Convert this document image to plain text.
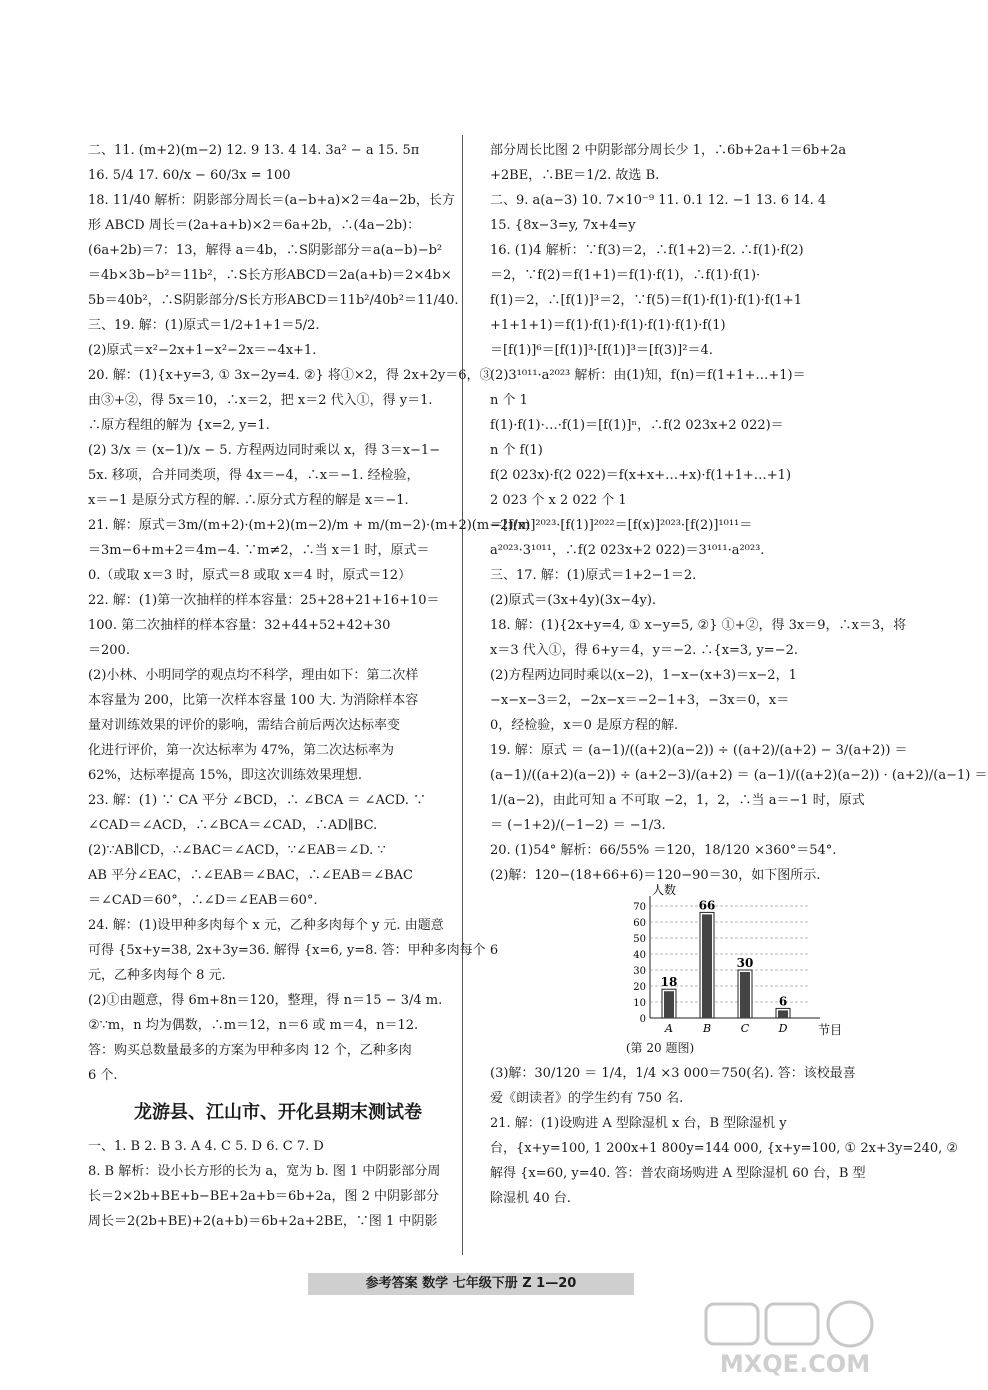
二、11. (m+2)(m−2) 12. 9 13. 4 14. 3a² − a 15. 5π
16. 5/4 17. 60/x − 60/3x = 100
18. 11/40 解析：阴影部分周长＝(a−b+a)×2＝4a−2b，长方
形 ABCD 周长＝(2a+a+b)×2＝6a+2b，∴(4a−2b)：
(6a+2b)＝7：13，解得 a＝4b，∴S阴影部分＝a(a−b)−b²
＝4b×3b−b²＝11b²，∴S长方形ABCD＝2a(a+b)＝2×4b×
5b＝40b²，∴S阴影部分/S长方形ABCD＝11b²/40b²＝11/40.
三、19. 解：(1)原式＝1/2+1+1＝5/2.
(2)原式＝x²−2x+1−x²−2x＝−4x+1.
20. 解：(1){x+y=3, ① 3x−2y=4. ②} 将①×2，得 2x+2y＝6，③
由③+②，得 5x＝10，∴x＝2，把 x＝2 代入①，得 y＝1.
∴原方程组的解为 {x=2, y=1.
(2) 3/x ＝ (x−1)/x − 5. 方程两边同时乘以 x，得 3＝x−1−
5x. 移项，合并同类项，得 4x＝−4，∴x＝−1. 经检验，
x＝−1 是原分式方程的解. ∴原分式方程的解是 x＝−1.
21. 解：原式＝3m/(m+2)·(m+2)(m−2)/m + m/(m−2)·(m+2)(m−2)/m
＝3m−6+m+2＝4m−4. ∵m≠2，∴当 x＝1 时，原式＝
0.（或取 x＝3 时，原式＝8 或取 x＝4 时，原式＝12）
22. 解：(1)第一次抽样的样本容量：25+28+21+16+10＝
100. 第二次抽样的样本容量：32+44+52+42+30
＝200.
(2)小林、小明同学的观点均不科学，理由如下：第二次样
本容量为 200，比第一次样本容量 100 大. 为消除样本容
量对训练效果的评价的影响，需结合前后两次达标率变
化进行评价，第一次达标率为 47%，第二次达标率为
62%，达标率提高 15%，即这次训练效果理想.
23. 解：(1) ∵ CA 平分 ∠BCD，∴ ∠BCA ＝ ∠ACD. ∵
∠CAD＝∠ACD，∴∠BCA＝∠CAD，∴AD∥BC.
(2)∵AB∥CD，∴∠BAC＝∠ACD，∵∠EAB＝∠D. ∵
AB 平分∠EAC，∴∠EAB＝∠BAC，∴∠EAB＝∠BAC
＝∠CAD＝60°，∴∠D＝∠EAB＝60°.
24. 解：(1)设甲种多肉每个 x 元，乙种多肉每个 y 元. 由题意
可得 {5x+y=38, 2x+3y=36. 解得 {x=6, y=8. 答：甲种多肉每个 6
元，乙种多肉每个 8 元.
(2)①由题意，得 6m+8n＝120，整理，得 n＝15 − 3/4 m.
②∵m，n 均为偶数，∴m＝12，n＝6 或 m＝4，n＝12.
答：购买总数量最多的方案为甲种多肉 12 个，乙种多肉
6 个.
龙游县、江山市、开化县期末测试卷
一、1. B 2. B 3. A 4. C 5. D 6. C 7. D
8. B 解析：设小长方形的长为 a，宽为 b. 图 1 中阴影部分周
长＝2×2b+BE+b−BE+2a+b＝6b+2a，图 2 中阴影部分
周长＝2(2b+BE)+2(a+b)＝6b+2a+2BE，∵图 1 中阴影
部分周长比图 2 中阴影部分周长少 1，∴6b+2a+1＝6b+2a
+2BE，∴BE＝1/2. 故选 B.
二、9. a(a−3) 10. 7×10⁻⁹ 11. 0.1 12. −1 13. 6 14. 4
15. {8x−3=y, 7x+4=y
16. (1)4 解析：∵f(3)＝2，∴f(1+2)＝2. ∴f(1)·f(2)
＝2，∵f(2)＝f(1+1)＝f(1)·f(1)，∴f(1)·f(1)·
f(1)＝2，∴[f(1)]³＝2，∵f(5)＝f(1)·f(1)·f(1)·f(1+1
+1+1+1)＝f(1)·f(1)·f(1)·f(1)·f(1)·f(1)
＝[f(1)]⁶＝[f(1)]³·[f(1)]³＝[f(3)]²＝4.
(2)3¹⁰¹¹·a²⁰²³ 解析：由(1)知，f(n)＝f(1+1+…+1)＝
n 个 1
f(1)·f(1)·…·f(1)＝[f(1)]ⁿ，∴f(2 023x+2 022)＝
n 个 f(1)
f(2 023x)·f(2 022)＝f(x+x+…+x)·f(1+1+…+1)
2 023 个 x 2 022 个 1
＝[f(x)]²⁰²³·[f(1)]²⁰²²＝[f(x)]²⁰²³·[f(2)]¹⁰¹¹＝
a²⁰²³·3¹⁰¹¹，∴f(2 023x+2 022)＝3¹⁰¹¹·a²⁰²³.
三、17. 解：(1)原式＝1+2−1＝2.
(2)原式＝(3x+4y)(3x−4y).
18. 解：(1){2x+y=4, ① x−y=5, ②} ①+②，得 3x＝9，∴x＝3，将
x＝3 代入①，得 6+y＝4，y＝−2. ∴{x=3, y=−2.
(2)方程两边同时乘以(x−2)，1−x−(x+3)＝x−2，1
−x−x−3＝2，−2x−x＝−2−1+3，−3x＝0，x＝
0，经检验，x＝0 是原方程的解.
19. 解：原式 ＝ (a−1)/((a+2)(a−2)) ÷ ((a+2)/(a+2) − 3/(a+2)) ＝
(a−1)/((a+2)(a−2)) ÷ (a+2−3)/(a+2) ＝ (a−1)/((a+2)(a−2)) · (a+2)/(a−1) ＝
1/(a−2)，由此可知 a 不可取 −2，1，2，∴当 a＝−1 时，原式
＝ (−1+2)/(−1−2) ＝ −1/3.
20. (1)54° 解析：66/55% ＝120，18/120 ×360°＝54°.
(2)解：120−(18+66+6)＝120−90＝30，如下图所示.
0
10
20
30
40
50
60
70
人数
节目
18
A
66
B
30
C
6
D
(第 20 题图)
(3)解：30/120 ＝ 1/4，1/4 ×3 000＝750(名). 答：该校最喜
爱《朗读者》的学生约有 750 名.
21. 解：(1)设购进 A 型除湿机 x 台，B 型除湿机 y
台，{x+y=100, 1 200x+1 800y=144 000, {x+y=100, ① 2x+3y=240, ②
解得 {x=60, y=40. 答：普农商场购进 A 型除湿机 60 台，B 型
除湿机 40 台.
参考答案 数学 七年级下册 Z 1—20
MXQE.COM
